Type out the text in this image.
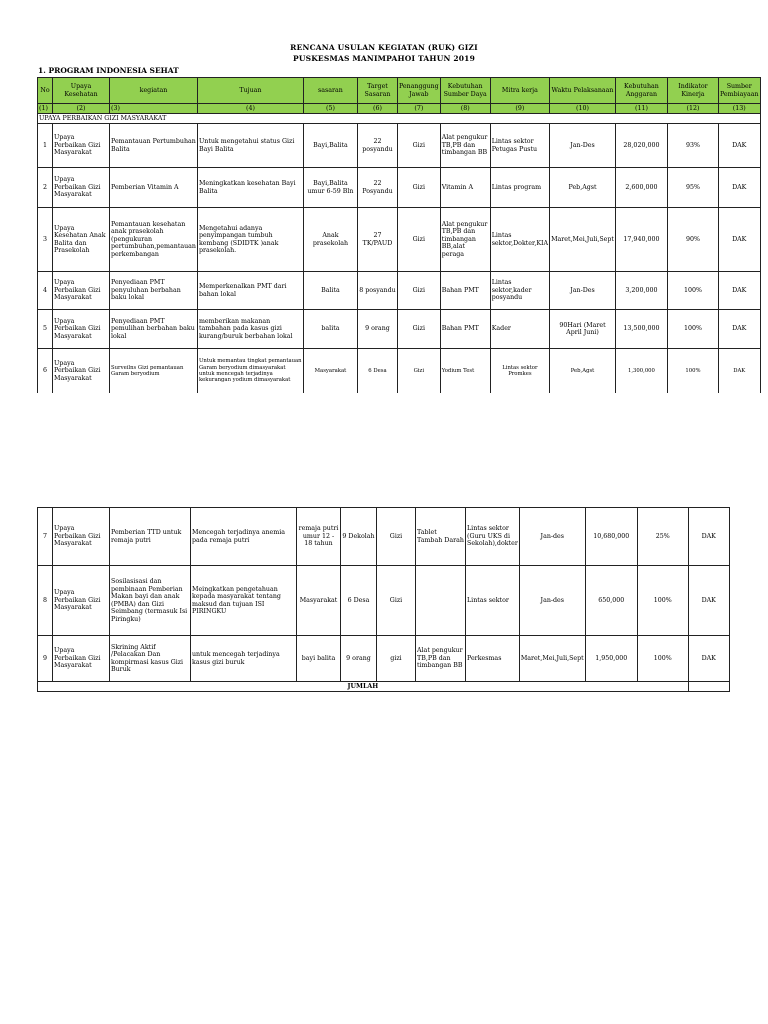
RENCANA USULAN KEGIATAN (RUK) GIZI
PUSKESMAS MANIMPAHOI TAHUN 2019
1. PROGRAM INDONESIA SEHAT
No	Upaya Kesehatan	kegiatan	Tujuan	sasaran	Target Sasaran	Penanggung Jawab	Kebutuhan Sumber Daya	Mitra kerja	Waktu Pelaksanaan	Kebutuhan Anggaran	Indikator Kinerja	Sumber Pembiayaan
(1)	(2)	(3)	(4)	(5)	(6)	(7)	(8)	(9)	(10)	(11)	(12)	(13)
UPAYA PERBAIKAN GIZI MASYARAKAT												
1	Upaya Perbaikan Gizi Masyarakat	Pemantauan Pertumbuhan Balita	Untuk mengetahui status Gizi Bayi Balita	Bayi,Balita	22 posyandu	Gizi	Alat pengukur TB,PB dan timbangan BB	Lintas sektor Petugas Pustu	Jan-Des	28,020,000	93%	DAK
2	Upaya Perbaikan Gizi Masyarakat	Pemberian Vitamin A	Meningkatkan kesehatan Bayi Balita	Bayi,Balita umur 6-59 Bln	22 Posyandu	Gizi	Vitamin A	Lintas program	Peb,Agst	2,600,000	95%	DAK
3	Upaya Kesehatan Anak Balita dan Prasekolah	Pemantauan kesehatan anak prasekolah (pengukuran pertumbuhan,pemantauan perkembangan	Mengetahui adanya penyimpangan tumbuh kembang (SDIDTK )anak prasekolah.	Anak prasekolah	27 TK/PAUD	Gizi	Alat pengukur TB,PB dan timbangan BB,alat peraga	Lintas sektor,Dokter,KIA	Maret,Mei,Juli,Sept	17,940,000	90%	DAK
4	Upaya Perbaikan Gizi Masyarakat	Penyediaan PMT penyuluhan berbahan baku lokal	Memperkenalkan PMT dari bahan lokal	Balita	8 posyandu	Gizi	Bahan PMT	Lintas sektor,kader posyandu	Jan-Des	3,200,000	100%	DAK
5	Upaya Perbaikan Gizi Masyarakat	Penyediaan PMT pemulihan berbahan baku lokal	memberikan makanan tambahan pada kasus gizi kurang/buruk berbahan lokal	balita	9 orang	Gizi	Bahan PMT	Kader	90Hari (Maret April Juni)	13,500,000	100%	DAK
6	Upaya Perbaikan Gizi Masyarakat	Surveilns Gizi pemantauan Garam beryodium	Untuk memantau tingkat pemantauan Garam beryodium dimasyarakat untuk mencegah terjadinya kekurangan yodium dimasyarakat	Masyarakat	6 Desa	Gizi	Yodium Test	Lintas sektor Promkes	Peb,Agst	1,300,000	100%	DAK
7	Upaya Perbaikan Gizi Masyarakat	Pemberian TTD untuk remaja putri	Mencegah terjadinya anemia pada remaja putri	remaja putri umur 12 - 18 tahun	9 Dekolah	Gizi	Tablet Tambah Darah	Lintas sektor (Guru UKS di Sekolah),dokter	Jan-des	10,680,000	25%	DAK
8	Upaya Perbaikan Gizi Masyarakat	Sosilasisasi dan pembinaan Pemberian Makan bayi dan anak (PMBA) dan Gizi Seimbang (termasuk Isi Piringku)	Meingkatkan pengetahuan kepada masyarakat tentang maksud dan tujuan ISI PIRINGKU	Masyarakat	6 Desa	Gizi		Lintas sektor	Jan-des	650,000	100%	DAK
9	Upaya Perbaikan Gizi Masyarakat	Skrining Aktif /Pelacakan Dan kompirmasi kasus Gizi Buruk	untuk mencegah terjadinya kasus gizi buruk	bayi balita	9 orang	gizi	Alat pengukur TB,PB dan timbangan BB	Perkesmas	Maret,Mei,Juli,Sept	1,950,000	100%	DAK
JUMLAH												
